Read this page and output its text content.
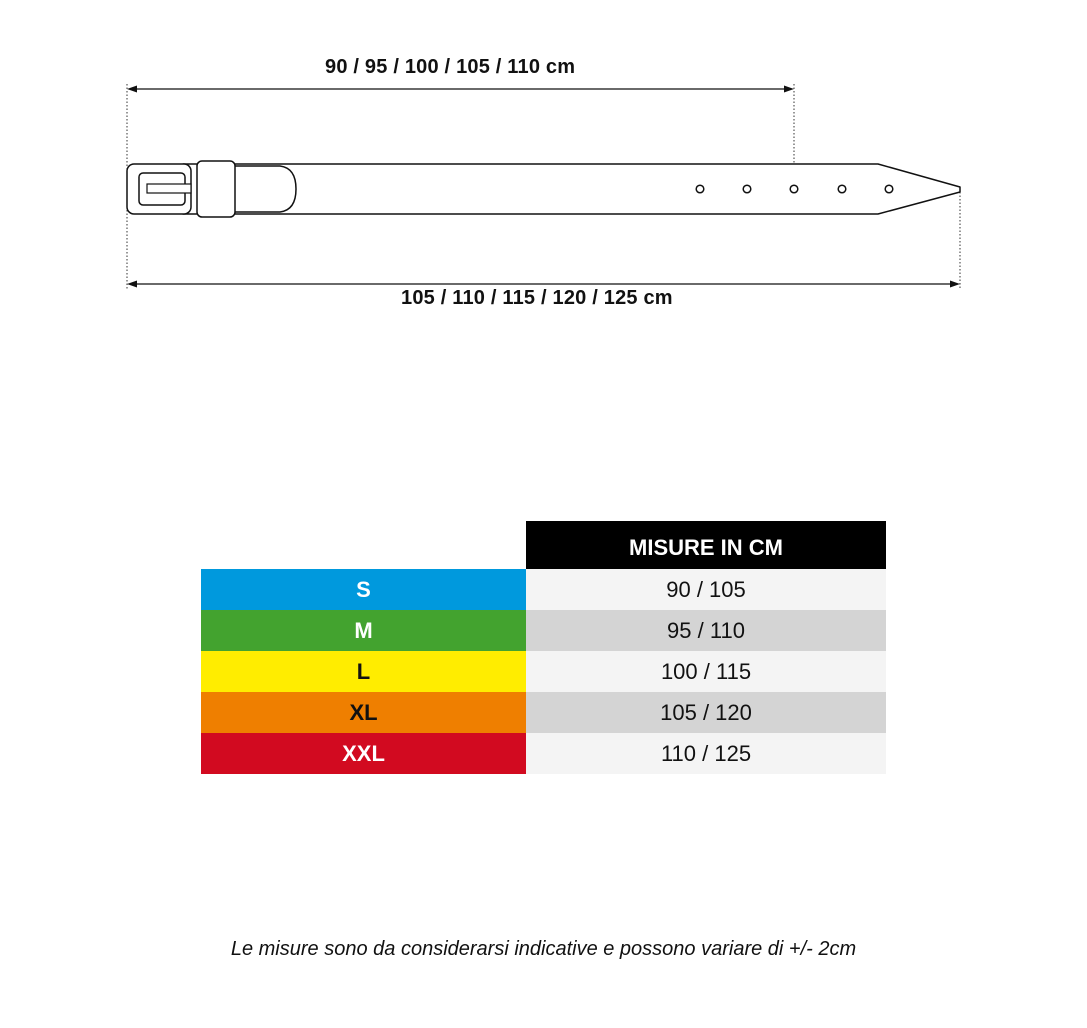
90 / 95 / 100 / 105 / 110 cm
105 / 110 / 115 / 120 / 125 cm
MISURE IN CM
S	90 / 105
M	95 / 110
L	100 / 115
XL	105 / 120
XXL	110 / 125
Le misure sono da considerarsi indicative e possono variare di +/- 2cm
